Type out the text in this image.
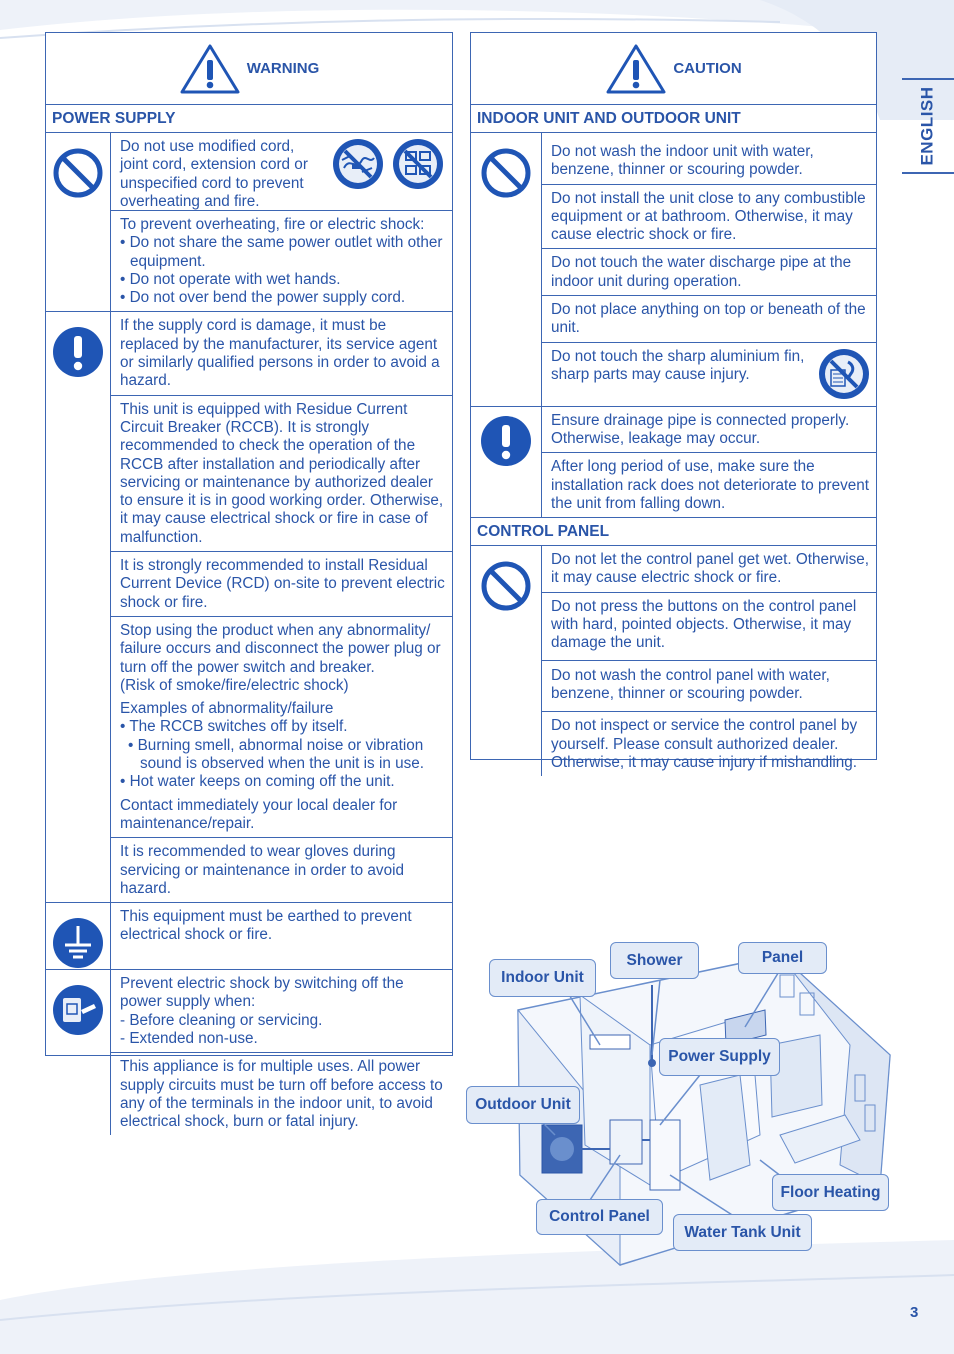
ENGLISH
WARNING
POWER SUPPLY

Do not use modified cord,

joint cord, extension cord or

unspecified cord to prevent

overheating and fire.

To prevent overheating, fire or electric shock:

• Do not share the same power outlet with other equipment.

• Do not operate with wet hands.

• Do not over bend the power supply cord.

If the supply cord is damage, it must be replaced by the manufacturer, its service agent or similarly qualified persons in order to avoid a hazard.
This unit is equipped with Residue Current Circuit Breaker (RCCB). It is strongly recommended to check the operation of the RCCB after installation and periodically after servicing or maintenance by authorized dealer to ensure it is in good working order. Otherwise, it may cause electrical shock or fire in case of malfunction.
It is strongly recommended to install Residual Current Device (RCD) on-site to prevent electric shock or fire.

Stop using the product when any abnormality/

failure occurs and disconnect the power plug or

turn off the power switch and breaker.

(Risk of smoke/fire/electric shock)

Examples of abnormality/failure

• The RCCB switches off by itself.

• Burning smell, abnormal noise or vibration sound is observed when the unit is in use.

• Hot water keeps on coming off the unit.

Contact immediately your local dealer for maintenance/repair.

It is recommended to wear gloves during servicing or maintenance in order to avoid hazard.
This equipment must be earthed to prevent electrical shock or fire.

Prevent electric shock by switching off the power supply when:

- Before cleaning or servicing.

- Extended non-use.

This appliance is for multiple uses. All power supply circuits must be turn off before access to any of the terminals in the indoor unit, to avoid electrical shock, burn or fatal injury.
CAUTION
INDOOR UNIT AND OUTDOOR UNIT
Do not wash the indoor unit with water, benzene, thinner or scouring powder.
Do not install the unit close to any combustible equipment or at bathroom. Otherwise, it may cause electric shock or fire.
Do not touch the water discharge pipe at the indoor unit during operation.
Do not place anything on top or beneath of the unit.

Do not touch the sharp aluminium fin,

sharp parts may cause injury.

Ensure drainage pipe is connected properly. Otherwise, leakage may occur.
After long period of use, make sure the installation rack does not deteriorate to prevent the unit from falling down.
CONTROL PANEL
Do not let the control panel get wet. Otherwise, it may cause electric shock or fire.
Do not press the buttons on the control panel with hard, pointed objects. Otherwise, it may damage the unit.
Do not wash the control panel with water, benzene, thinner or scouring powder.
Do not inspect or service the control panel by yourself. Please consult authorized dealer. Otherwise, it may cause injury if mishandling.
Indoor Unit
Shower	Panel
Power Supply
Outdoor Unit
Floor Heating
Control Panel
Water Tank Unit
3
